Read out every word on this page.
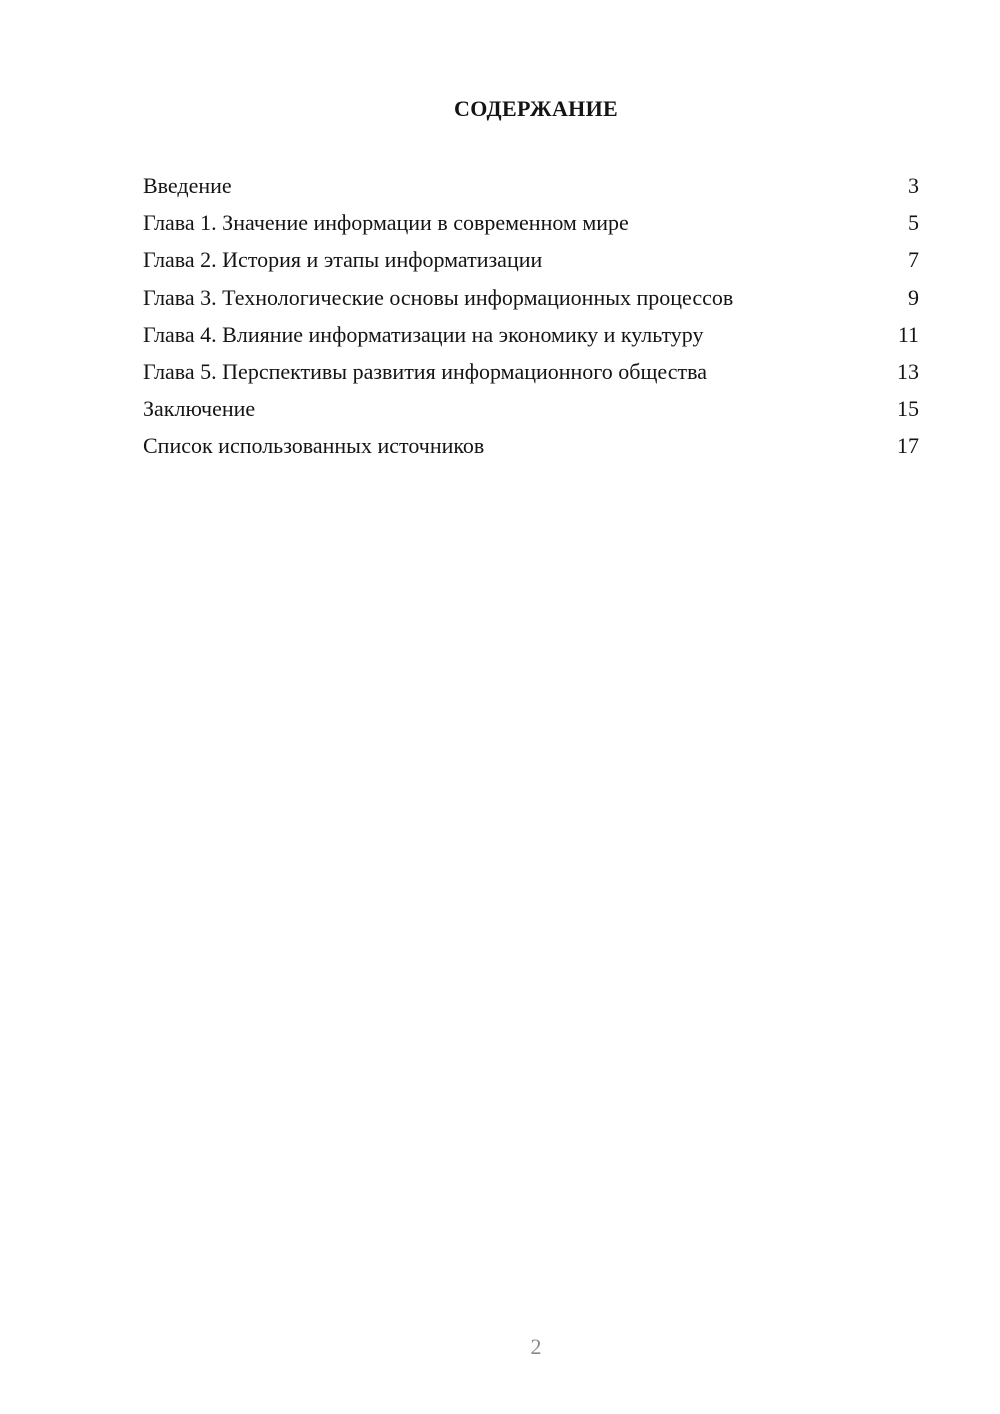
СОДЕРЖАНИЕ
Введение	3
Глава 1. Значение информации в современном мире	5
Глава 2. История и этапы информатизации	7
Глава 3. Технологические основы информационных процессов	9
Глава 4. Влияние информатизации на экономику и культуру	11
Глава 5. Перспективы развития информационного общества	13
Заключение	15
Список использованных источников	17
2
